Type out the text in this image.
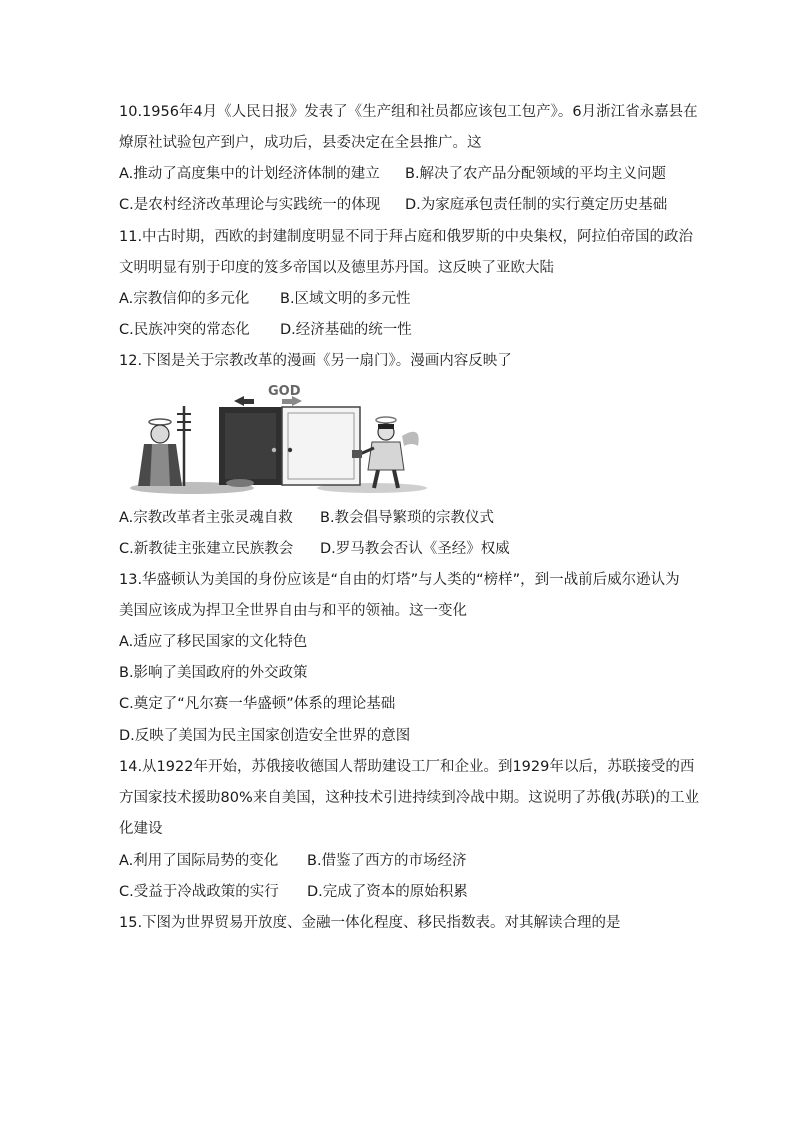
10.1956年4月《人民日报》发表了《生产组和社员都应该包工包产》。6月浙江省永嘉县在
燎原社试验包产到户，成功后，县委决定在全县推广。这
A.推动了高度集中的计划经济体制的建立 B.解决了农产品分配领域的平均主义问题
C.是农村经济改革理论与实践统一的体现 D.为家庭承包责任制的实行奠定历史基础
11.中古时期，西欧的封建制度明显不同于拜占庭和俄罗斯的中央集权，阿拉伯帝国的政治
文明明显有别于印度的笈多帝国以及德里苏丹国。这反映了亚欧大陆
A.宗教信仰的多元化 B.区域文明的多元性
C.民族冲突的常态化 D.经济基础的统一性
12.下图是关于宗教改革的漫画《另一扇门》。漫画内容反映了
GOD
A.宗教改革者主张灵魂自救 B.教会倡导繁琐的宗教仪式
C.新教徒主张建立民族教会 D.罗马教会否认《圣经》权威
13.华盛顿认为美国的身份应该是“自由的灯塔”与人类的“榜样”，到一战前后威尔逊认为
美国应该成为捍卫全世界自由与和平的领袖。这一变化
A.适应了移民国家的文化特色
B.影响了美国政府的外交政策
C.奠定了“凡尔赛一华盛顿”体系的理论基础
D.反映了美国为民主国家创造安全世界的意图
14.从1922年开始，苏俄接收德国人帮助建设工厂和企业。到1929年以后，苏联接受的西
方国家技术援助80%来自美国，这种技术引进持续到冷战中期。这说明了苏俄(苏联)的工业
化建设
A.利用了国际局势的变化 B.借鉴了西方的市场经济
C.受益于冷战政策的实行 D.完成了资本的原始积累
15.下图为世界贸易开放度、金融一体化程度、移民指数表。对其解读合理的是
